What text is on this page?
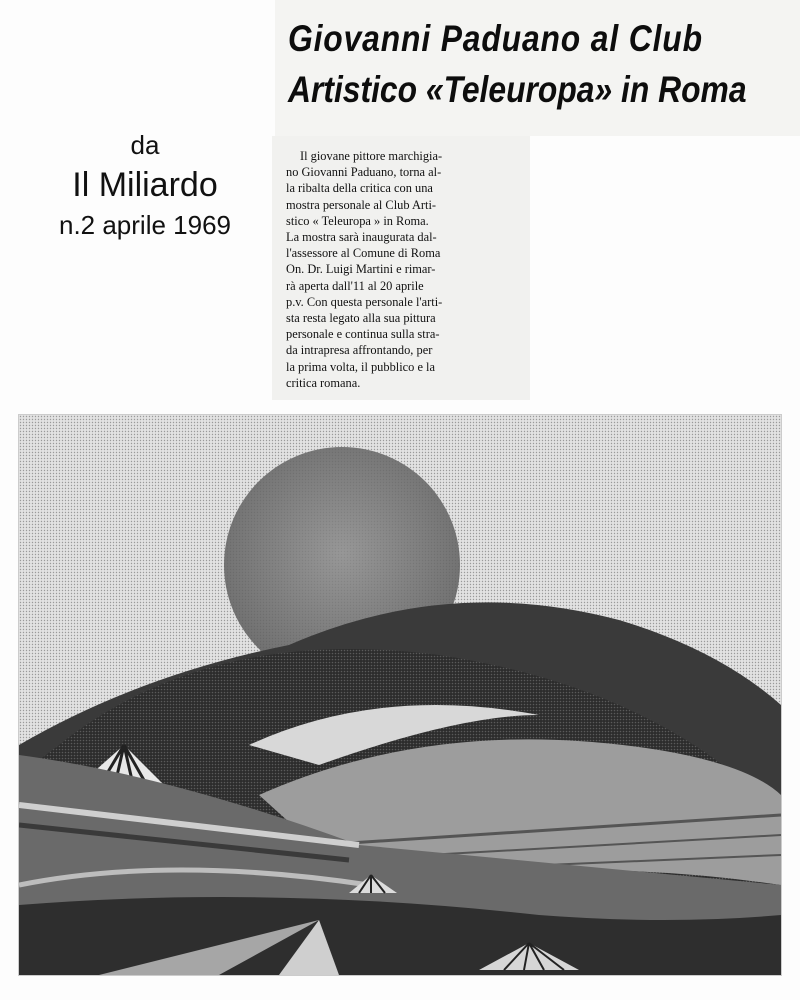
da
Il Miliardo
n.2 aprile 1969
Giovanni Paduano al Club
Artistico «Teleuropa» in Roma
Il giovane pittore marchigia-
no Giovanni Paduano, torna al-
la ribalta della critica con una
mostra personale al Club Arti-
stico « Teleuropa » in Roma.
La mostra sarà inaugurata dal-
l'assessore al Comune di Roma
On. Dr. Luigi Martini e rimar-
rà aperta dall'11 al 20 aprile
p.v. Con questa personale l'arti-
sta resta legato alla sua pittura
personale e continua sulla stra-
da intrapresa affrontando, per
la prima volta, il pubblico e la
critica romana.
